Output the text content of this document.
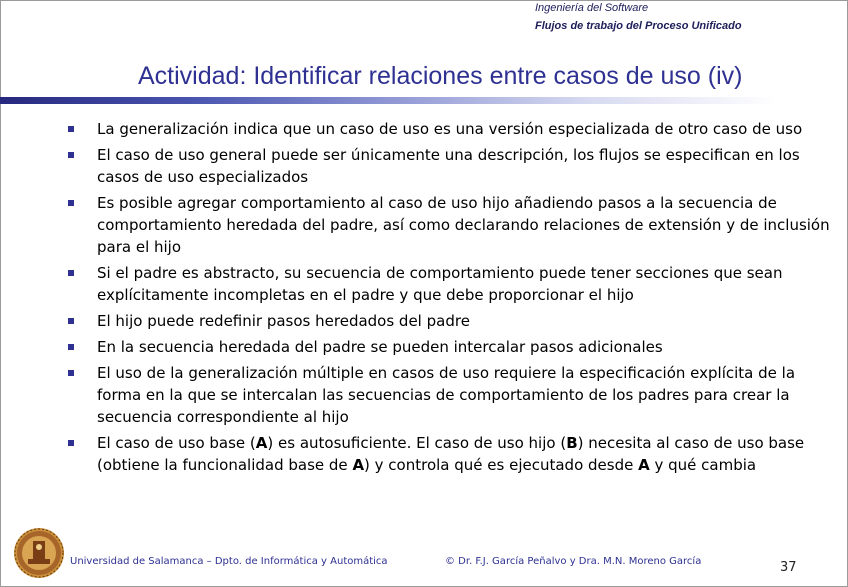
Ingeniería del Software
Flujos de trabajo del Proceso Unificado
Actividad: Identificar relaciones entre casos de uso (iv)
La generalización indica que un caso de uso es una versión especializada de otro caso de uso
El caso de uso general puede ser únicamente una descripción, los flujos se especifican en los casos de uso especializados
Es posible agregar comportamiento al caso de uso hijo añadiendo pasos a la secuencia de comportamiento heredada del padre, así como declarando relaciones de extensión y de inclusión para el hijo
Si el padre es abstracto, su secuencia de comportamiento puede tener secciones que sean explícitamente incompletas en el padre y que debe proporcionar el hijo
El hijo puede redefinir pasos heredados del padre
En la secuencia heredada del padre se pueden intercalar pasos adicionales
El uso de la generalización múltiple en casos de uso requiere la especificación explícita de la forma en la que se intercalan las secuencias de comportamiento de los padres para crear la secuencia correspondiente al hijo
El caso de uso base (A) es autosuficiente. El caso de uso hijo (B) necesita al caso de uso base (obtiene la funcionalidad base de A) y controla qué es ejecutado desde A y qué cambia
Universidad de Salamanca – Dpto. de Informática y Automática	© Dr. F.J. García Peñalvo y Dra. M.N. Moreno García	37
